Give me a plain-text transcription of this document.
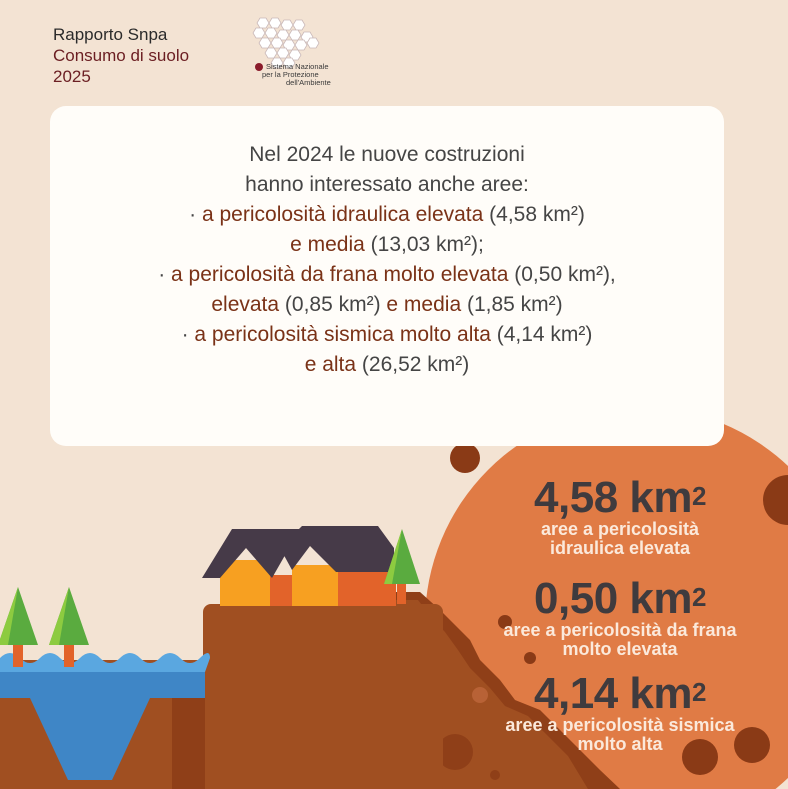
Rapporto Snpa
Consumo di suolo
2025
Sistema Nazionale
per la Protezione
dell'Ambiente
Nel 2024 le nuove costruzioni
hanno interessato anche aree:
· a pericolosità idraulica elevata (4,58 km²)
e media (13,03 km²);
· a pericolosità da frana molto elevata (0,50 km²),
elevata (0,85 km²) e media (1,85 km²)
· a pericolosità sismica molto alta (4,14 km²)
e alta (26,52 km²)
4,58 $km^2$
aree a pericolosità
idraulica elevata
0,50 $km^2$
aree a pericolosità da frana
molto elevata
4,14 $km^2$
aree a pericolosità sismica
molto alta
